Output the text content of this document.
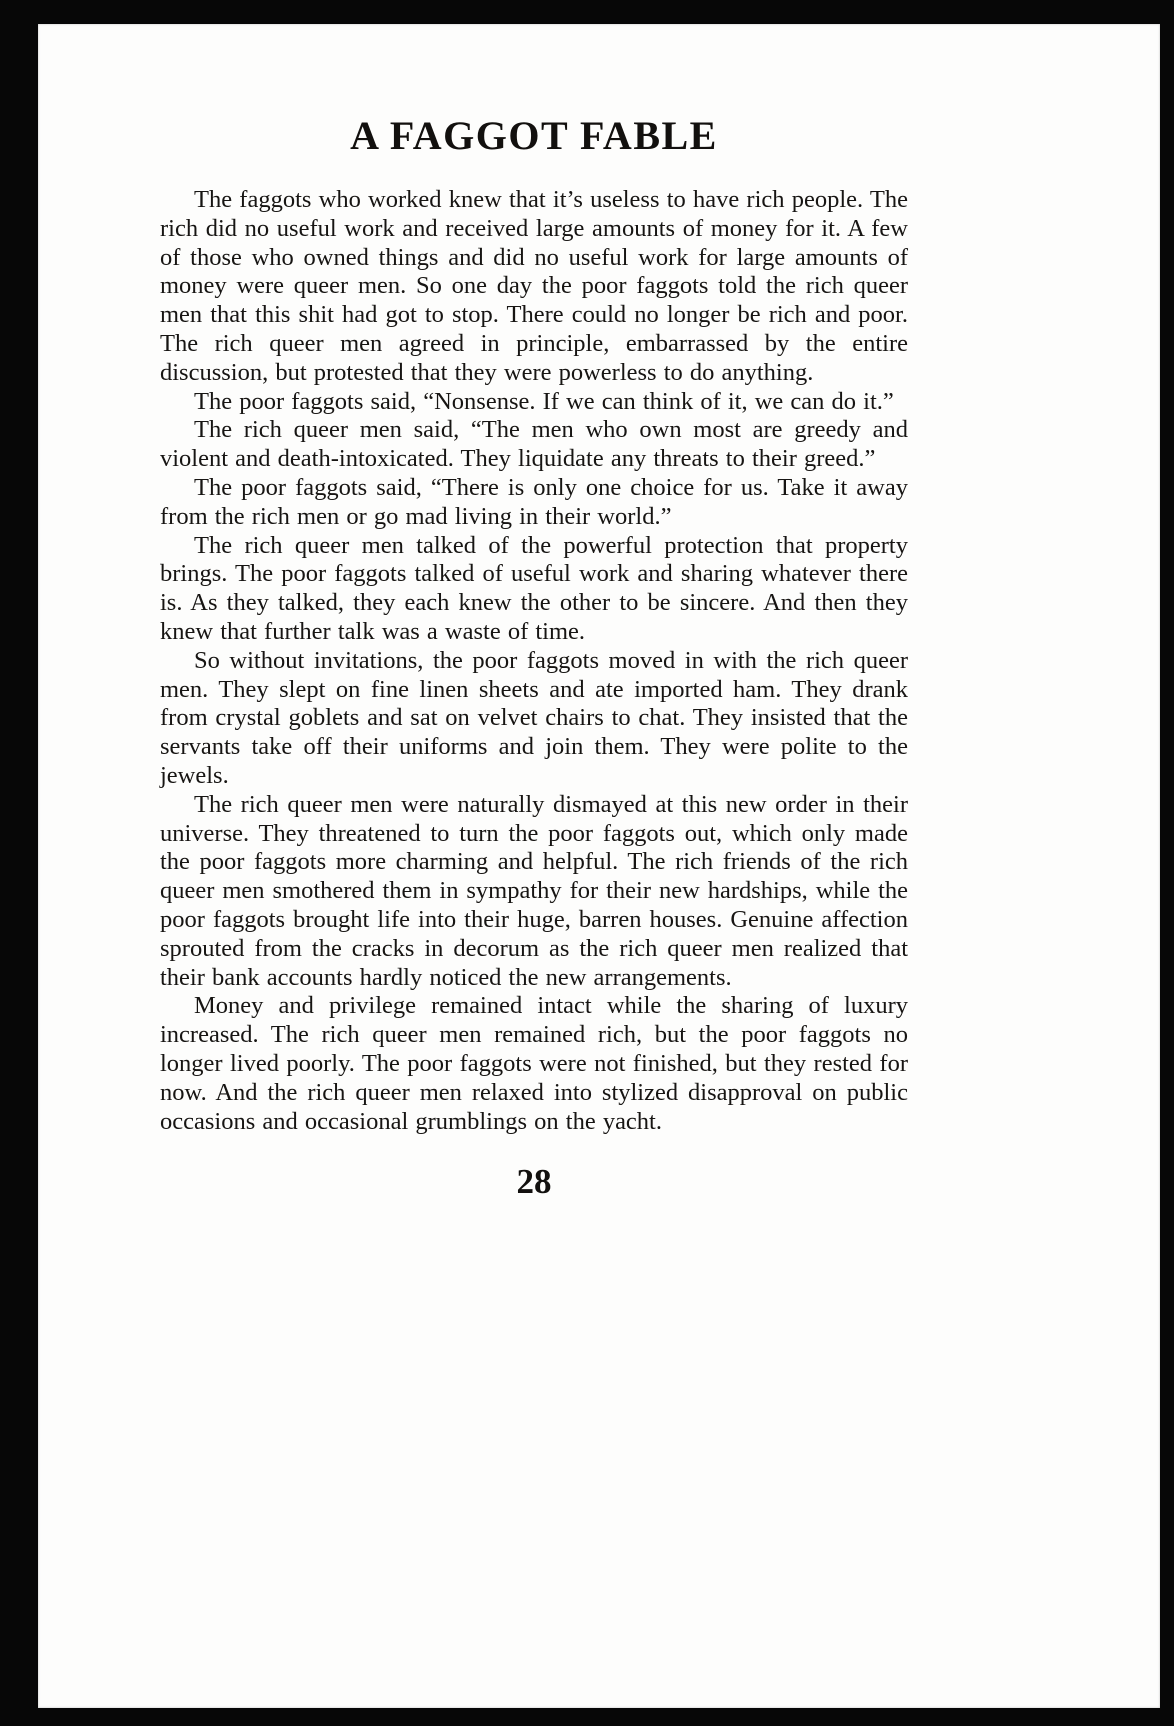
A FAGGOT FABLE

The faggots who worked knew that it’s useless to have rich people. The rich did no useful work and received large amounts of money for it. A few of those who owned things and did no useful work for large amounts of money were queer men. So one day the poor faggots told the rich queer men that this shit had got to stop. There could no longer be rich and poor. The rich queer men agreed in principle, embarrassed by the entire discussion, but protested that they were powerless to do anything.

The poor faggots said, “Nonsense. If we can think of it, we can do it.”

The rich queer men said, “The men who own most are greedy and violent and death-intoxicated. They liquidate any threats to their greed.”

The poor faggots said, “There is only one choice for us. Take it away from the rich men or go mad living in their world.”

The rich queer men talked of the powerful protection that property brings. The poor faggots talked of useful work and sharing whatever there is. As they talked, they each knew the other to be sincere. And then they knew that further talk was a waste of time.

So without invitations, the poor faggots moved in with the rich queer men. They slept on fine linen sheets and ate imported ham. They drank from crystal goblets and sat on velvet chairs to chat. They insisted that the servants take off their uniforms and join them. They were polite to the jewels.

The rich queer men were naturally dismayed at this new order in their universe. They threatened to turn the poor faggots out, which only made the poor faggots more charming and helpful. The rich friends of the rich queer men smothered them in sympathy for their new hardships, while the poor faggots brought life into their huge, barren houses. Genuine affection sprouted from the cracks in decorum as the rich queer men realized that their bank accounts hardly noticed the new arrangements.

Money and privilege remained intact while the sharing of luxury increased. The rich queer men remained rich, but the poor faggots no longer lived poorly. The poor faggots were not finished, but they rested for now. And the rich queer men relaxed into stylized disapproval on public occasions and occasional grumblings on the yacht.

28
